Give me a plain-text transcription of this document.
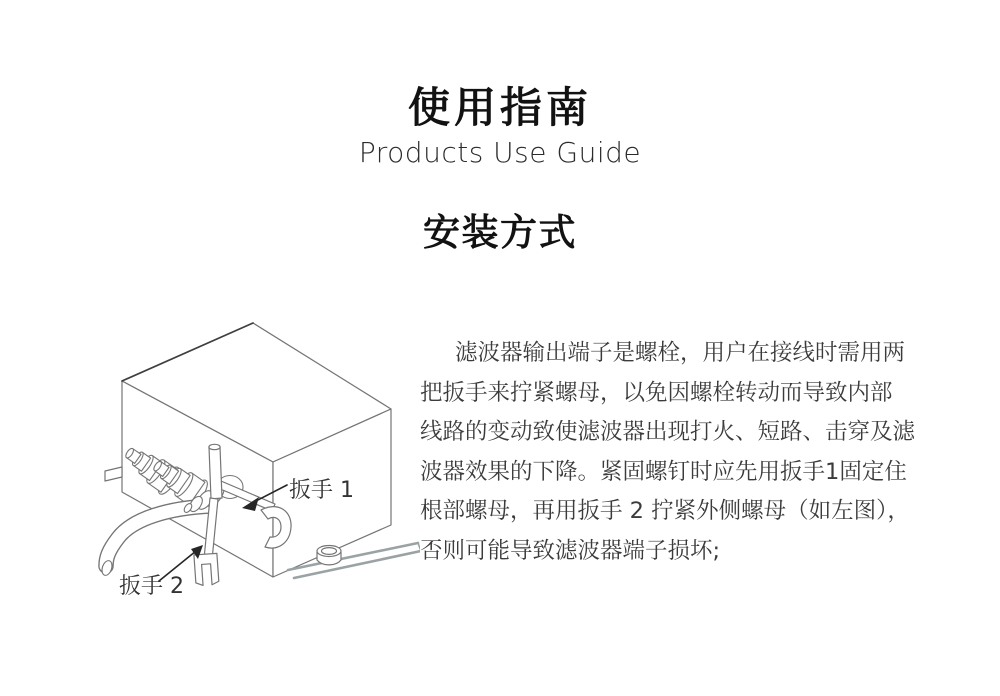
使用指南
Products Use Guide
安装方式
扳手 1
扳手 2
滤波器输出端子是螺栓，用户在接线时需用两
把扳手来拧紧螺母，以免因螺栓转动而导致内部
线路的变动致使滤波器出现打火、短路、击穿及滤
波器效果的下降。紧固螺钉时应先用扳手1固定住
根部螺母，再用扳手 2 拧紧外侧螺母（如左图），
否则可能导致滤波器端子损坏;
